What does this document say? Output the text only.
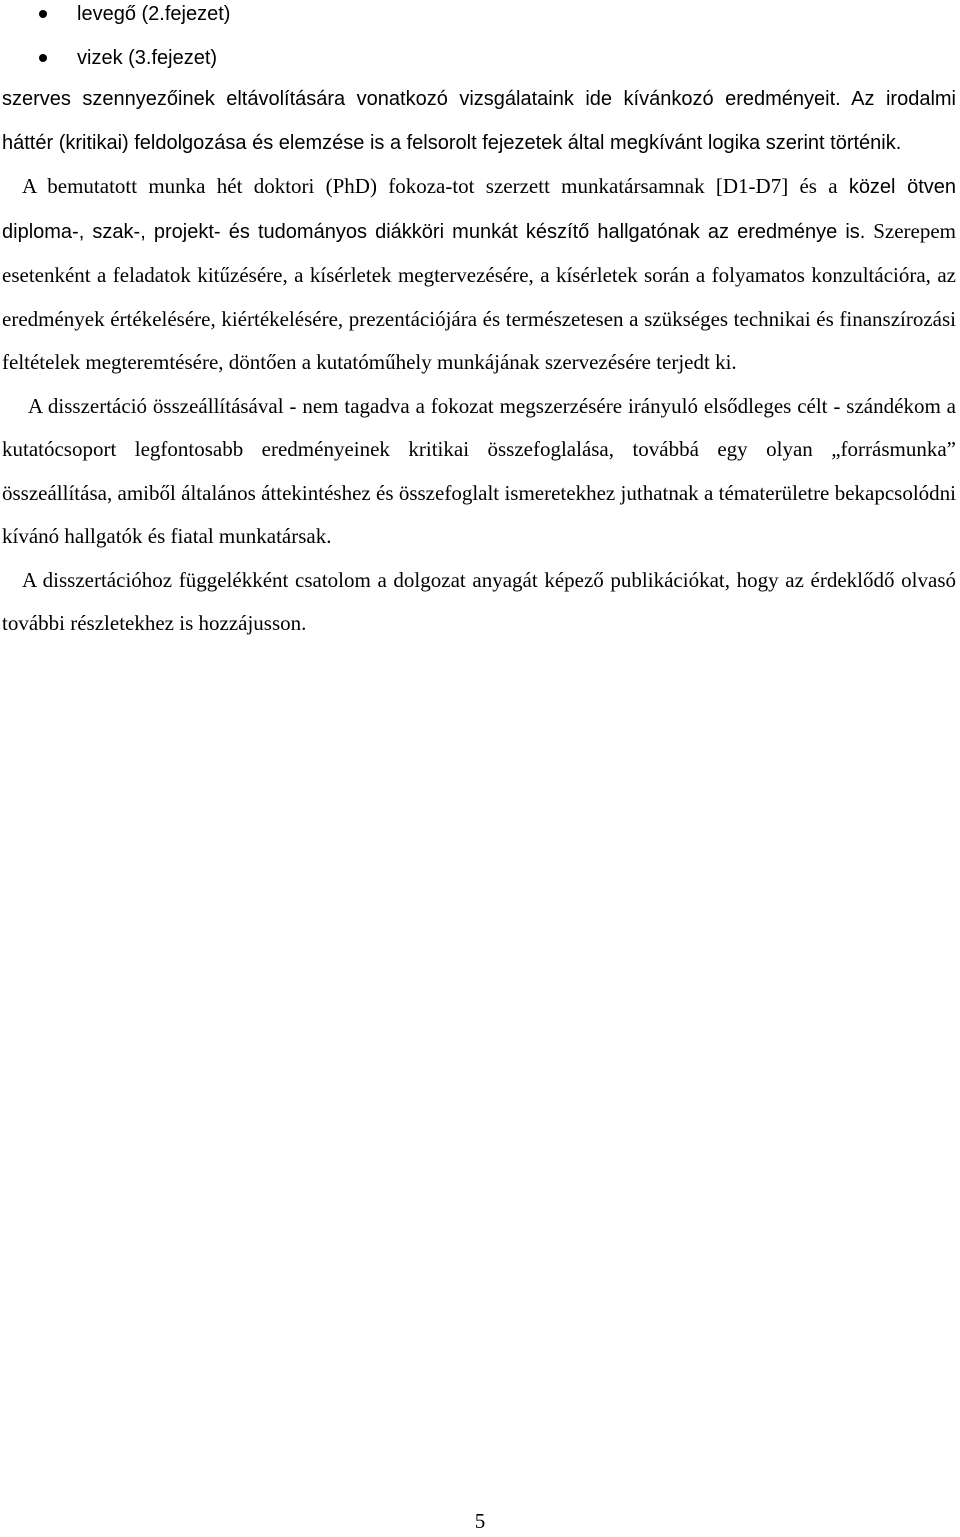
levegő (2.fejezet)
vizek (3.fejezet)

szerves szennyezőinek eltávolítására vonatkozó vizsgálataink ide kívánkozó eredményeit. Az irodalmi háttér (kritikai) feldolgozása és elemzése is a felsorolt fejezetek által megkívánt logika szerint történik.

A bemutatott munka hét doktori (PhD) fokoza-tot szerzett munkatársamnak [D1-D7] és a közel ötven diploma-, szak-, projekt- és tudományos diákköri munkát készítő hallgatónak az eredménye is. Szerepem esetenként a feladatok kitűzésére, a kísérletek megtervezésére, a kísérletek során a folyamatos konzultációra, az eredmények értékelésére, kiértékelésére, prezentációjára és természetesen a szükséges technikai és finanszírozási feltételek megteremtésére, döntően a kutatóműhely munkájának szervezésére terjedt ki.

A disszertáció összeállításával - nem tagadva a fokozat megszerzésére irányuló elsődleges célt - szándékom a kutatócsoport legfontosabb eredményeinek kritikai összefoglalása, továbbá egy olyan „forrásmunka” összeállítása, amiből általános áttekintéshez és összefoglalt ismeretekhez juthatnak a tématerületre bekapcsolódni kívánó hallgatók és fiatal munkatársak.

A disszertációhoz függelékként csatolom a dolgozat anyagát képező publikációkat, hogy az érdeklődő olvasó további részletekhez is hozzájusson.

5
